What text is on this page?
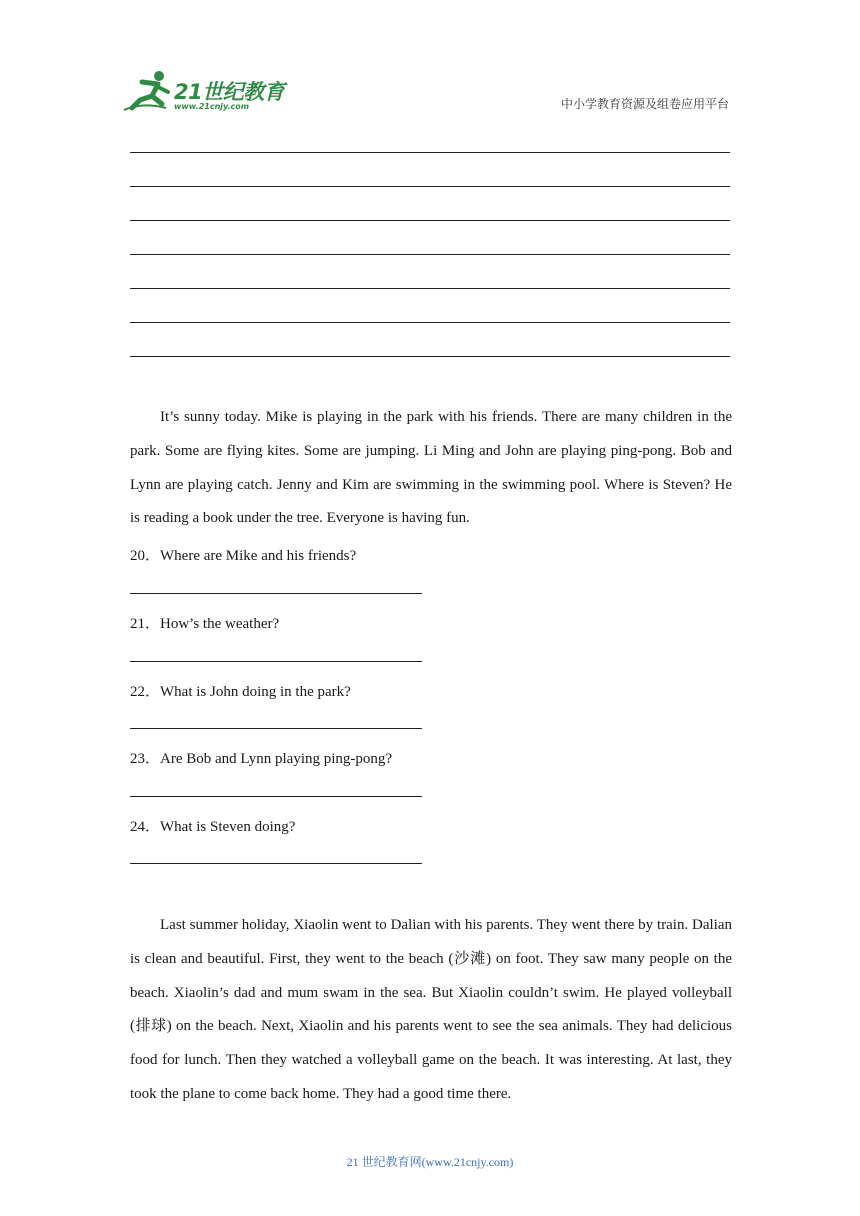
21世纪教育
www.21cnjy.com	中小学教育资源及组卷应用平台

It’s sunny today. Mike is playing in the park with his friends. There are many children in the park. Some are flying kites. Some are jumping. Li Ming and John are playing ping-pong. Bob and Lynn are playing catch. Jenny and Kim are swimming in the swimming pool. Where is Steven? He is reading a book under the tree. Everyone is having fun.

20．Where are Mike and his friends?
21．How’s the weather?
22．What is John doing in the park?
23．Are Bob and Lynn playing ping-pong?
24．What is Steven doing?

Last summer holiday, Xiaolin went to Dalian with his parents. They went there by train. Dalian is clean and beautiful. First, they went to the beach (沙滩) on foot. They saw many people on the beach. Xiaolin’s dad and mum swam in the sea. But Xiaolin couldn’t swim. He played volleyball (排球) on the beach. Next, Xiaolin and his parents went to see the sea animals. They had delicious food for lunch. Then they watched a volleyball game on the beach. It was interesting. At last, they took the plane to come back home. They had a good time there.

21 世纪教育网(www.21cnjy.com)
